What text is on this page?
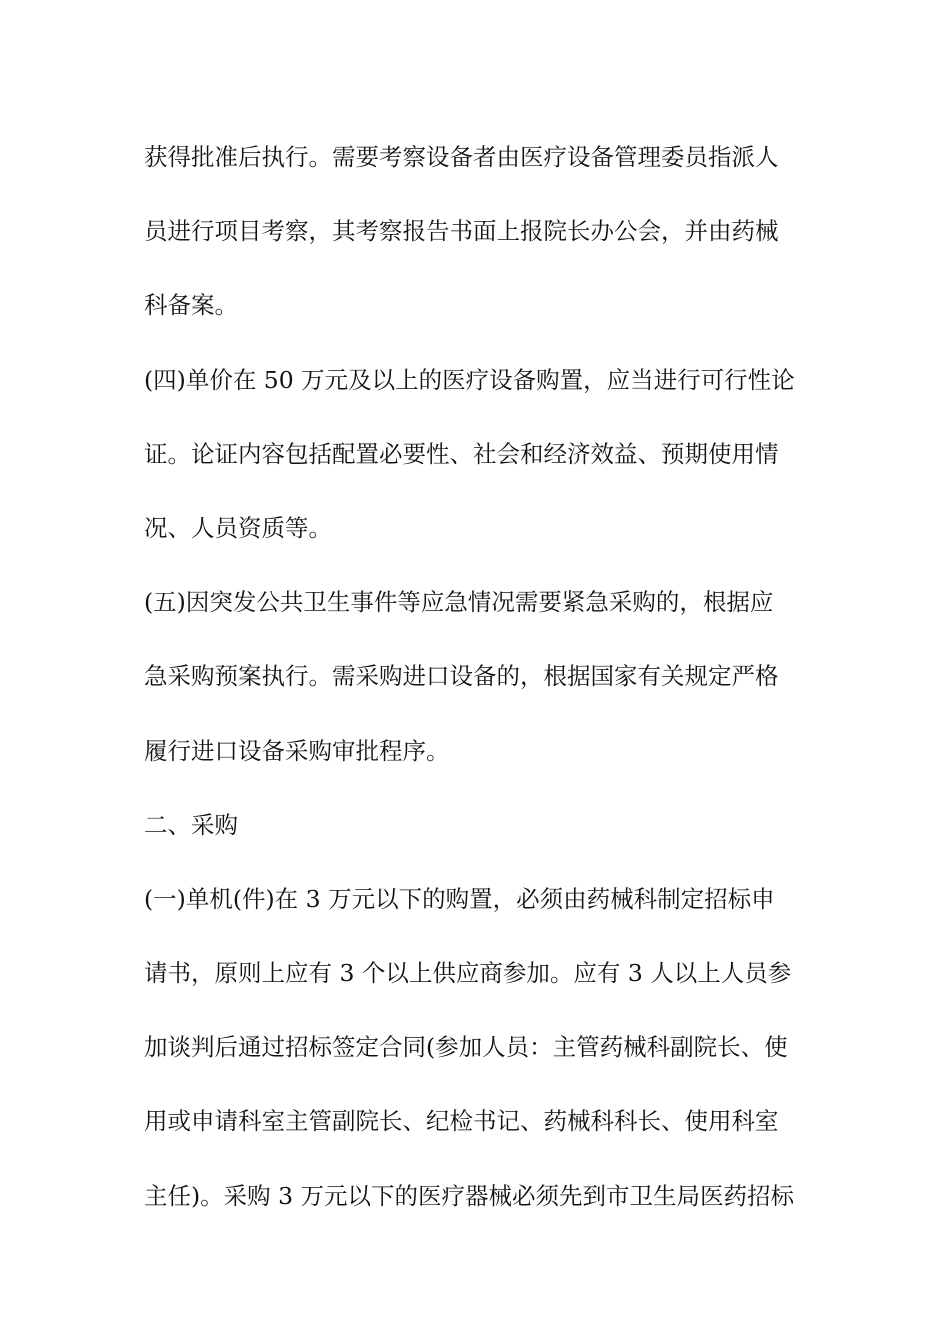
获得批准后执行。需要考察设备者由医疗设备管理委员指派人
员进行项目考察，其考察报告书面上报院长办公会，并由药械
科备案。
(四)单价在 50 万元及以上的医疗设备购置，应当进行可行性论
证。论证内容包括配置必要性、社会和经济效益、预期使用情
况、人员资质等。
(五)因突发公共卫生事件等应急情况需要紧急采购的，根据应
急采购预案执行。需采购进口设备的，根据国家有关规定严格
履行进口设备采购审批程序。
二、采购
(一)单机(件)在 3 万元以下的购置，必须由药械科制定招标申
请书，原则上应有 3 个以上供应商参加。应有 3 人以上人员参
加谈判后通过招标签定合同(参加人员：主管药械科副院长、使
用或申请科室主管副院长、纪检书记、药械科科长、使用科室
主任)。采购 3 万元以下的医疗器械必须先到市卫生局医药招标
